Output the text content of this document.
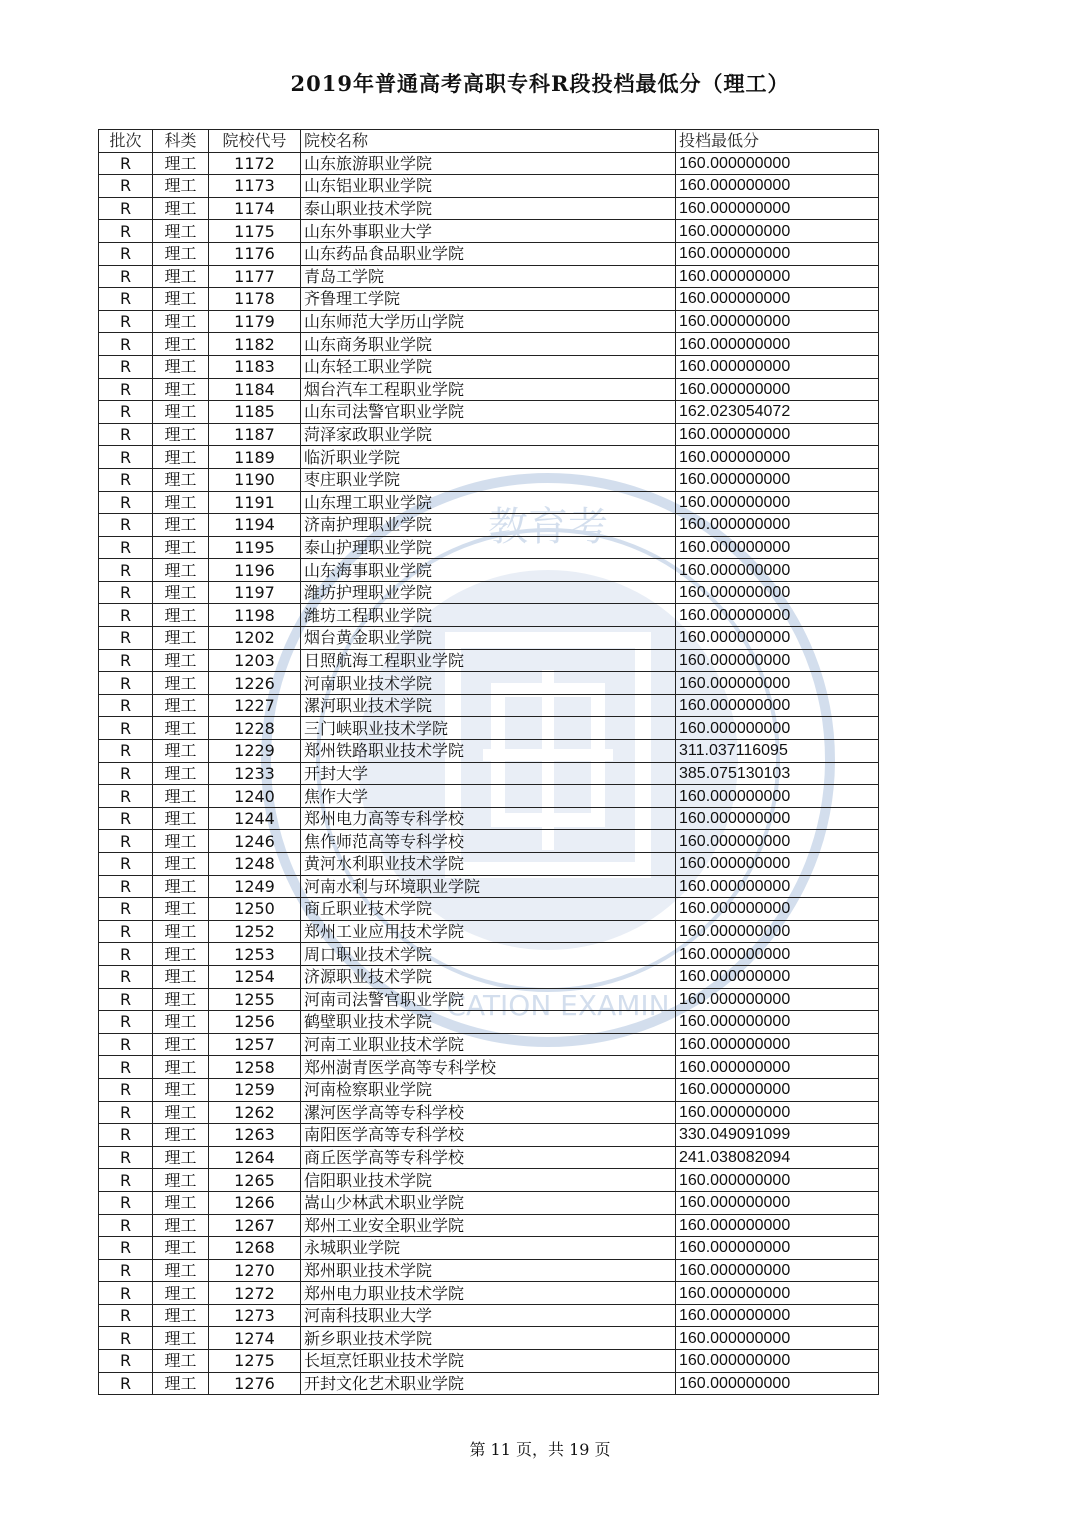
2019年普通高考高职专科R段投档最低分（理工）
教育考
CATION EXAMIN
批次	科类	院校代号	院校名称	投档最低分
R	理工	1172	山东旅游职业学院	160.000000000
R	理工	1173	山东铝业职业学院	160.000000000
R	理工	1174	泰山职业技术学院	160.000000000
R	理工	1175	山东外事职业大学	160.000000000
R	理工	1176	山东药品食品职业学院	160.000000000
R	理工	1177	青岛工学院	160.000000000
R	理工	1178	齐鲁理工学院	160.000000000
R	理工	1179	山东师范大学历山学院	160.000000000
R	理工	1182	山东商务职业学院	160.000000000
R	理工	1183	山东轻工职业学院	160.000000000
R	理工	1184	烟台汽车工程职业学院	160.000000000
R	理工	1185	山东司法警官职业学院	162.023054072
R	理工	1187	菏泽家政职业学院	160.000000000
R	理工	1189	临沂职业学院	160.000000000
R	理工	1190	枣庄职业学院	160.000000000
R	理工	1191	山东理工职业学院	160.000000000
R	理工	1194	济南护理职业学院	160.000000000
R	理工	1195	泰山护理职业学院	160.000000000
R	理工	1196	山东海事职业学院	160.000000000
R	理工	1197	潍坊护理职业学院	160.000000000
R	理工	1198	潍坊工程职业学院	160.000000000
R	理工	1202	烟台黄金职业学院	160.000000000
R	理工	1203	日照航海工程职业学院	160.000000000
R	理工	1226	河南职业技术学院	160.000000000
R	理工	1227	漯河职业技术学院	160.000000000
R	理工	1228	三门峡职业技术学院	160.000000000
R	理工	1229	郑州铁路职业技术学院	311.037116095
R	理工	1233	开封大学	385.075130103
R	理工	1240	焦作大学	160.000000000
R	理工	1244	郑州电力高等专科学校	160.000000000
R	理工	1246	焦作师范高等专科学校	160.000000000
R	理工	1248	黄河水利职业技术学院	160.000000000
R	理工	1249	河南水利与环境职业学院	160.000000000
R	理工	1250	商丘职业技术学院	160.000000000
R	理工	1252	郑州工业应用技术学院	160.000000000
R	理工	1253	周口职业技术学院	160.000000000
R	理工	1254	济源职业技术学院	160.000000000
R	理工	1255	河南司法警官职业学院	160.000000000
R	理工	1256	鹤壁职业技术学院	160.000000000
R	理工	1257	河南工业职业技术学院	160.000000000
R	理工	1258	郑州澍青医学高等专科学校	160.000000000
R	理工	1259	河南检察职业学院	160.000000000
R	理工	1262	漯河医学高等专科学校	160.000000000
R	理工	1263	南阳医学高等专科学校	330.049091099
R	理工	1264	商丘医学高等专科学校	241.038082094
R	理工	1265	信阳职业技术学院	160.000000000
R	理工	1266	嵩山少林武术职业学院	160.000000000
R	理工	1267	郑州工业安全职业学院	160.000000000
R	理工	1268	永城职业学院	160.000000000
R	理工	1270	郑州职业技术学院	160.000000000
R	理工	1272	郑州电力职业技术学院	160.000000000
R	理工	1273	河南科技职业大学	160.000000000
R	理工	1274	新乡职业技术学院	160.000000000
R	理工	1275	长垣烹饪职业技术学院	160.000000000
R	理工	1276	开封文化艺术职业学院	160.000000000
第 11 页，共 19 页
